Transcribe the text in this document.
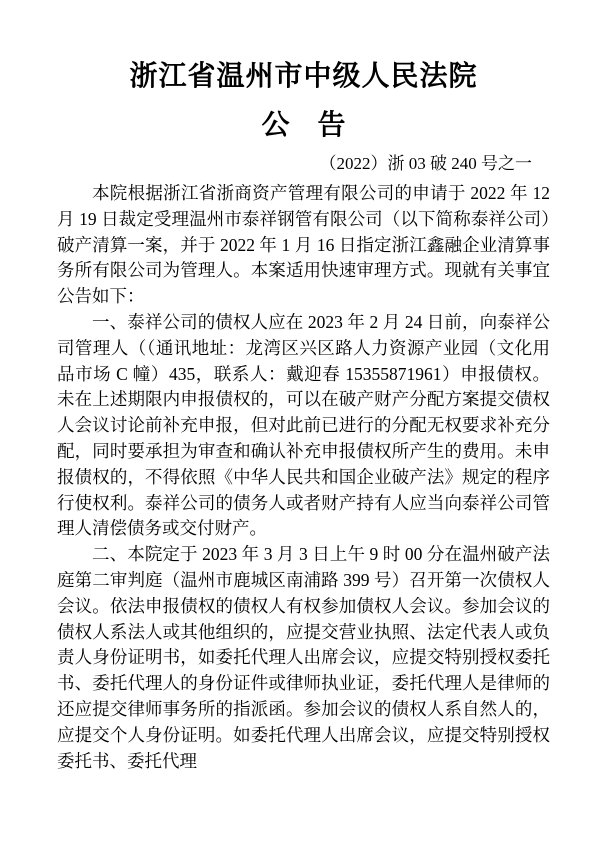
浙江省温州市中级人民法院
公　告
（2022）浙 03 破 240 号之一

本院根据浙江省浙商资产管理有限公司的申请于 2022 年 12 月 19 日裁定受理温州市泰祥钢管有限公司（以下简称泰祥公司）破产清算一案，并于 2022 年 1 月 16 日指定浙江鑫融企业清算事务所有限公司为管理人。本案适用快速审理方式。现就有关事宜公告如下：

一、泰祥公司的债权人应在 2023 年 2 月 24 日前，向泰祥公司管理人（（通讯地址：龙湾区兴区路人力资源产业园（文化用品市场 C 幢）435，联系人：戴迎春 15355871961）申报债权。未在上述期限内申报债权的，可以在破产财产分配方案提交债权人会议讨论前补充申报，但对此前已进行的分配无权要求补充分配，同时要承担为审查和确认补充申报债权所产生的费用。未申报债权的，不得依照《中华人民共和国企业破产法》规定的程序行使权利。泰祥公司的债务人或者财产持有人应当向泰祥公司管理人清偿债务或交付财产。

二、本院定于 2023 年 3 月 3 日上午 9 时 00 分在温州破产法庭第二审判庭（温州市鹿城区南浦路 399 号）召开第一次债权人会议。依法申报债权的债权人有权参加债权人会议。参加会议的债权人系法人或其他组织的，应提交营业执照、法定代表人或负责人身份证明书，如委托代理人出席会议，应提交特别授权委托书、委托代理人的身份证件或律师执业证，委托代理人是律师的还应提交律师事务所的指派函。参加会议的债权人系自然人的，应提交个人身份证明。如委托代理人出席会议，应提交特别授权委托书、委托代理
